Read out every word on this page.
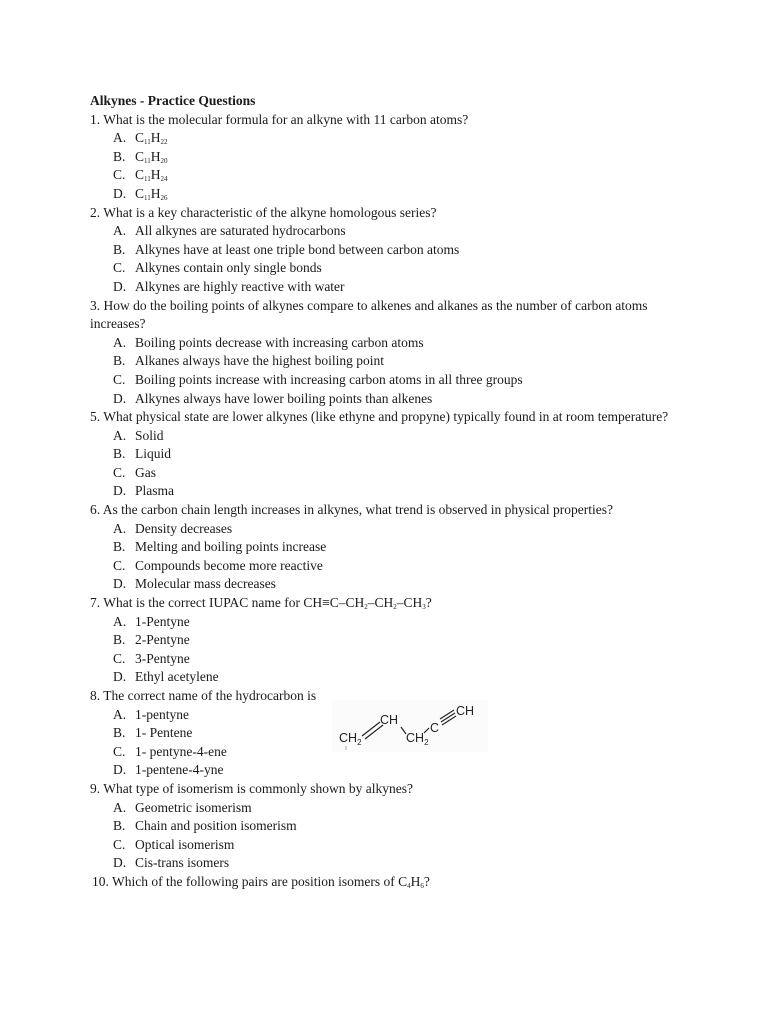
Alkynes - Practice Questions
1. What is the molecular formula for an alkyne with 11 carbon atoms?
A. $C_{11}H_{22}$
B. $C_{11}H_{20}$
C. $C_{11}H_{24}$
D. $C_{11}H_{26}$
2. What is a key characteristic of the alkyne homologous series?
A. All alkynes are saturated hydrocarbons
B. Alkynes have at least one triple bond between carbon atoms
C. Alkynes contain only single bonds
D. Alkynes are highly reactive with water
3. How do the boiling points of alkynes compare to alkenes and alkanes as the number of carbon atoms increases?
A. Boiling points decrease with increasing carbon atoms
B. Alkanes always have the highest boiling point
C. Boiling points increase with increasing carbon atoms in all three groups
D. Alkynes always have lower boiling points than alkenes
5. What physical state are lower alkynes (like ethyne and propyne) typically found in at room temperature?
A. Solid
B. Liquid
C. Gas
D. Plasma
6. As the carbon chain length increases in alkynes, what trend is observed in physical properties?
A. Density decreases
B. Melting and boiling points increase
C. Compounds become more reactive
D. Molecular mass decreases
7. What is the correct IUPAC name for $CH\equiv C-CH_2-CH_2-CH_3$?
A. 1-Pentyne
B. 2-Pentyne
C. 3-Pentyne
D. Ethyl acetylene
8. The correct name of the hydrocarbon is
A. 1-pentyne
B. 1- Pentene
C. 1- pentyne-4-ene
D. 1-pentene-4-yne
9. What type of isomerism is commonly shown by alkynes?
A. Geometric isomerism
B. Chain and position isomerism
C. Optical isomerism
D. Cis-trans isomers
10. Which of the following pairs are position isomers of $C_4H_6$?
$CH_2$
CH
$CH_2$
C
CH
